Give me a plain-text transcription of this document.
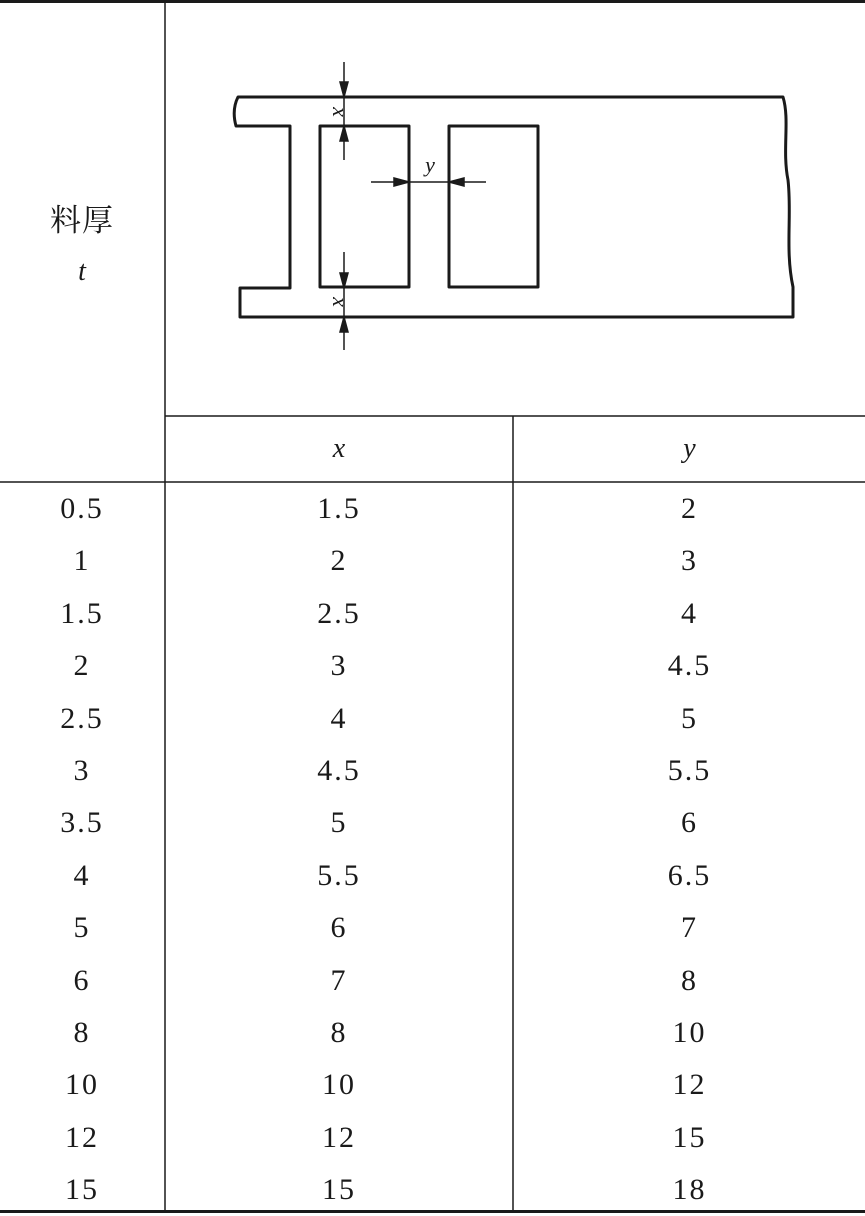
料厚
t
x
y
x
x	y
0.5	1.5	2
1	2	3
1.5	2.5	4
2	3	4.5
2.5	4	5
3	4.5	5.5
3.5	5	6
4	5.5	6.5
5	6	7
6	7	8
8	8	10
10	10	12
12	12	15
15	15	18
